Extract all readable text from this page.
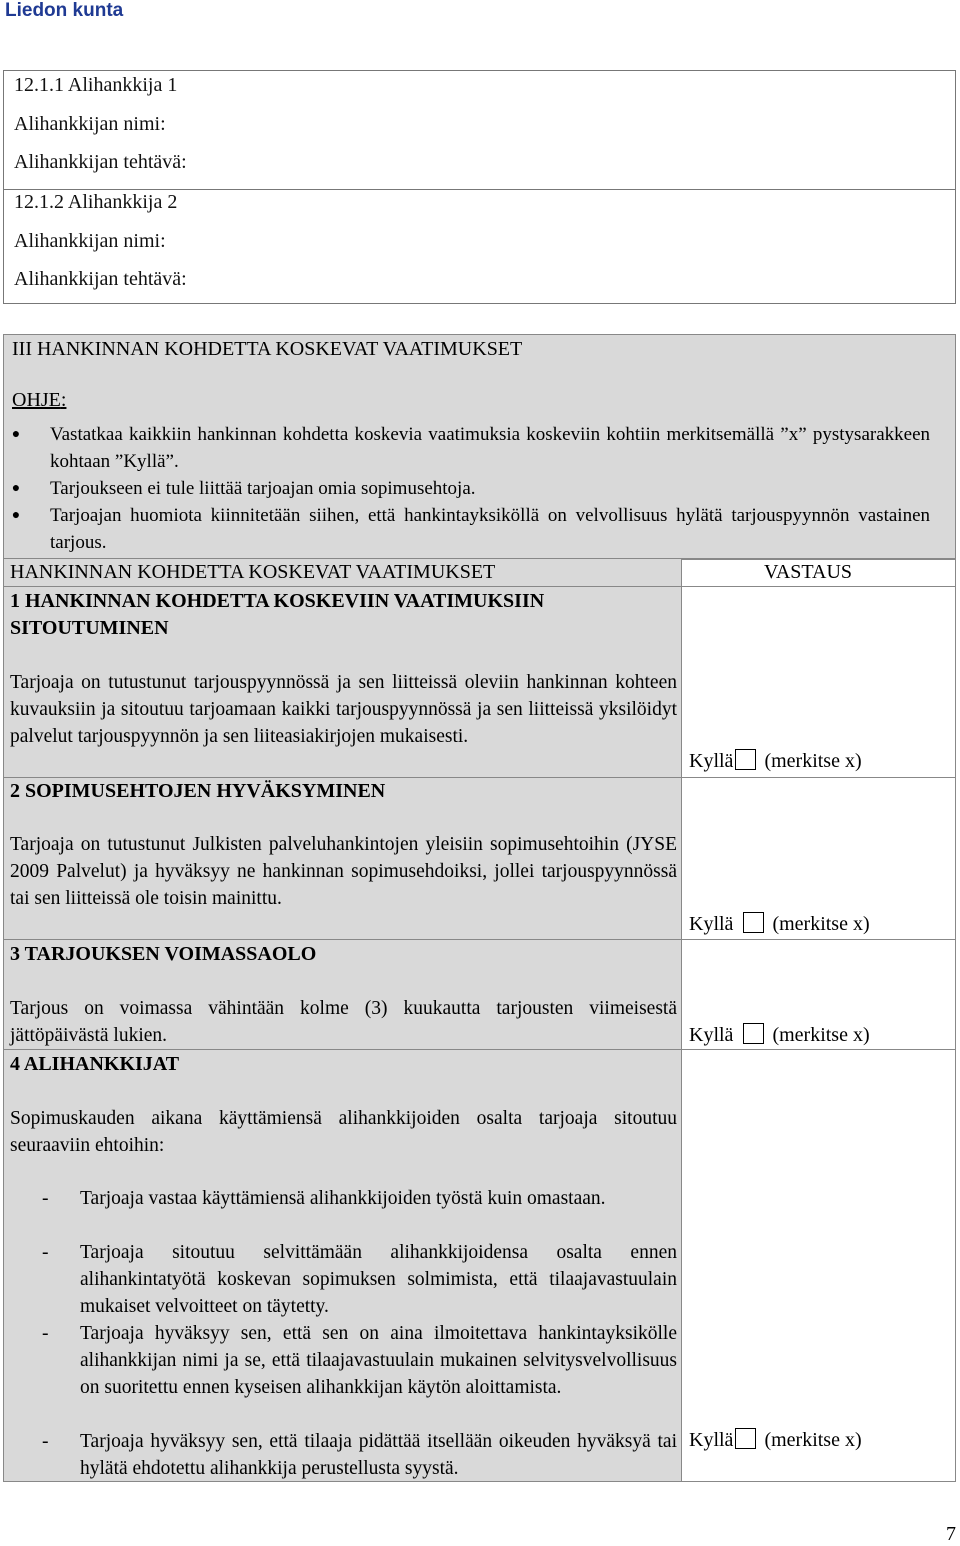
Liedon kunta
12.1.1 Alihankkija 1
Alihankkijan nimi:
Alihankkijan tehtävä:
12.1.2 Alihankkija 2
Alihankkijan nimi:
Alihankkijan tehtävä:
III HANKINNAN KOHDETTA KOSKEVAT VAATIMUKSET
OHJE:
●	Vastatkaa kaikkiin hankinnan kohdetta koskevia vaatimuksia koskeviin kohtiin merkitsemällä ”x” pystysarakkeen kohtaan ”Kyllä”.
●	Tarjoukseen ei tule liittää tarjoajan omia sopimusehtoja.
●	Tarjoajan huomiota kiinnitetään siihen, että hankintayksiköllä on velvollisuus hylätä tarjouspyynnön vastainen tarjous.
HANKINNAN KOHDETTA KOSKEVAT VAATIMUKSET	VASTAUS
1 HANKINNAN KOHDETTA KOSKEVIIN VAATIMUKSIIN SITOUTUMINEN
Tarjoaja on tutustunut tarjouspyynnössä ja sen liitteissä oleviin hankinnan kohteen kuvauksiin ja sitoutuu tarjoamaan kaikki tarjouspyynnössä ja sen liitteissä yksilöidyt palvelut tarjouspyynnön ja sen liiteasiakirjojen mukaisesti.
Kyllä (merkitse x)
2 SOPIMUSEHTOJEN HYVÄKSYMINEN
Tarjoaja on tutustunut Julkisten palveluhankintojen yleisiin sopimusehtoihin (JYSE 2009 Palvelut) ja hyväksyy ne hankinnan sopimusehdoiksi, jollei tarjouspyynnössä tai sen liitteissä ole toisin mainittu.
Kyllä (merkitse x)
3 TARJOUKSEN VOIMASSAOLO
Tarjous on voimassa vähintään kolme (3) kuukautta tarjousten viimeisestä jättöpäivästä lukien.	Kyllä (merkitse x)
4 ALIHANKKIJAT
Sopimuskauden aikana käyttämiensä alihankkijoiden osalta tarjoaja sitoutuu seuraaviin ehtoihin:
- Tarjoaja vastaa käyttämiensä alihankkijoiden työstä kuin omastaan.
- Tarjoaja sitoutuu selvittämään alihankkijoidensa osalta ennen alihankintatyötä koskevan sopimuksen solmimista, että tilaajavastuulain mukaiset velvoitteet on täytetty.
- Tarjoaja hyväksyy sen, että sen on aina ilmoitettava hankintayksikölle alihankkijan nimi ja se, että tilaajavastuulain mukainen selvitysvelvollisuus on suoritettu ennen kyseisen alihankkijan käytön aloittamista.
- Tarjoaja hyväksyy sen, että tilaaja pidättää itsellään oikeuden hyväksyä tai hylätä ehdotettu alihankkija perustellusta syystä.
Kyllä (merkitse x)
7
